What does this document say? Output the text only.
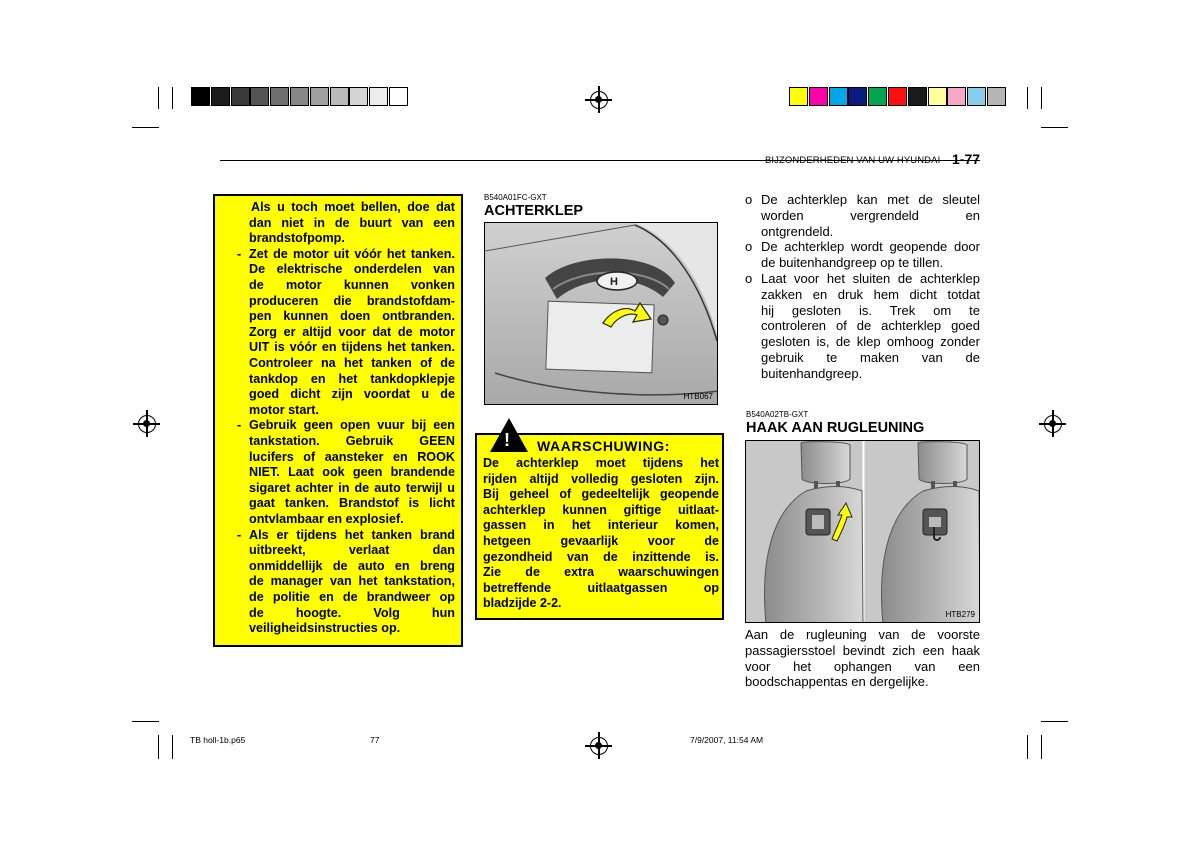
BIJZONDERHEDEN VAN UW HYUNDAI 1-77
Als u toch moet bellen, doe dat
dan niet in de buurt van een
brandstofpomp.
Zet de motor uit vóór het tanken.
De elektrische onderdelen van
de motor kunnen vonken
produceren die brandstofdam-
pen kunnen doen ontbranden.
Zorg er altijd voor dat de motor
UIT is vóór en tijdens het tanken.
Controleer na het tanken of de
tankdop en het tankdopklepje
goed dicht zijn voordat u de
motor start.
Gebruik geen open vuur bij een
tankstation. Gebruik GEEN
lucifers of aansteker en ROOK
NIET. Laat ook geen brandende
sigaret achter in de auto terwijl u
gaat tanken. Brandstof is licht
ontvlambaar en explosief.
Als er tijdens het tanken brand
uitbreekt, verlaat dan
onmiddellijk de auto en breng
de manager van het tankstation,
de politie en de brandweer op
de hoogte. Volg hun
veiligheidsinstructies op.
-
-
-
B540A01FC-GXT
ACHTERKLEP
H
HTB067
! WAARSCHUWING:
De achterklep moet tijdens het
rijden altijd volledig gesloten zijn.
Bij geheel of gedeeltelijk geopende
achterklep kunnen giftige uitlaat-
gassen in het interieur komen,
hetgeen gevaarlijk voor de
gezondheid van de inzittende is.
Zie de extra waarschuwingen
betreffende uitlaatgassen op
bladzijde 2-2.
o De achterklep kan met de sleutel
worden vergrendeld en
ontgrendeld.
o De achterklep wordt geopende door
de buitenhandgreep op te tillen.
o Laat voor het sluiten de achterklep
zakken en druk hem dicht totdat
hij gesloten is. Trek om te
controleren of de achterklep goed
gesloten is, de klep omhoog zonder
gebruik te maken van de
buitenhandgreep.
B540A02TB-GXT
HAAK AAN RUGLEUNING
HTB279
Aan de rugleuning van de voorste
passagiersstoel bevindt zich een haak
voor het ophangen van een
boodschappentas en dergelijke.
TB holl-1b.p65	77	7/9/2007, 11:54 AM
